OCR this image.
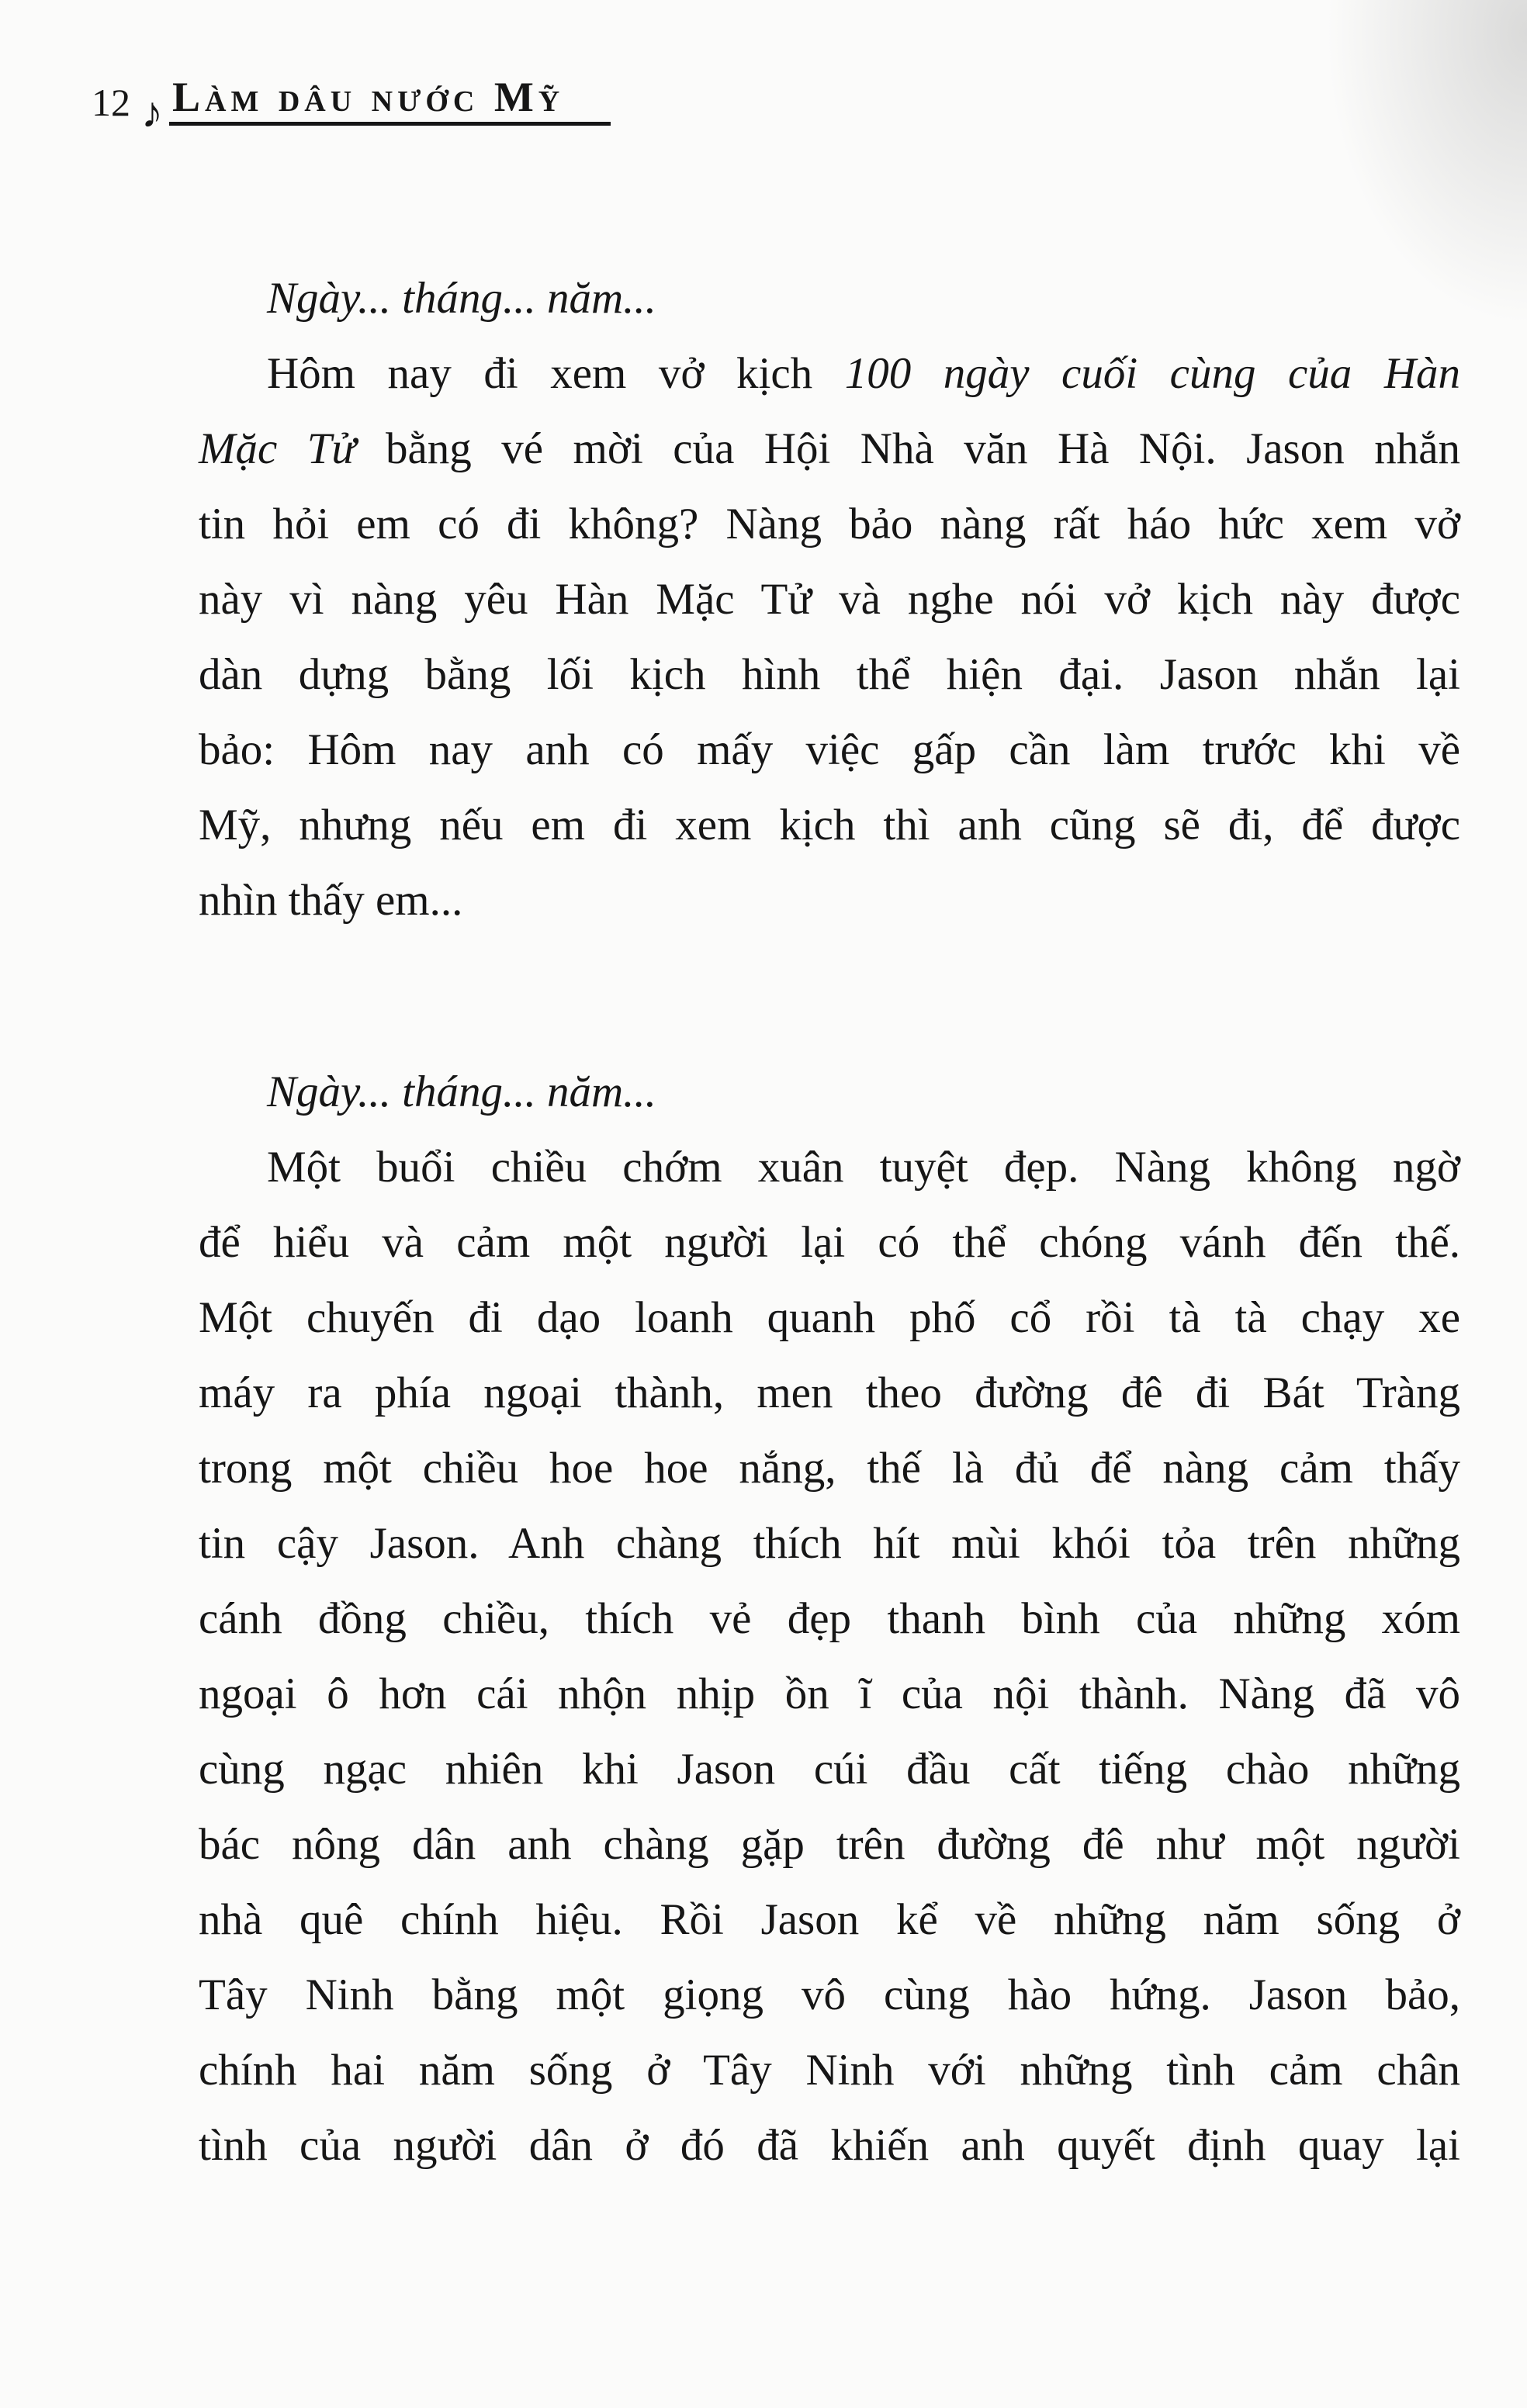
12 ♪ Làm dâu nước Mỹ
Ngày... tháng... năm...
Hôm nay đi xem vở kịch 100 ngày cuối cùng của Hàn
Mặc Tử bằng vé mời của Hội Nhà văn Hà Nội. Jason nhắn
tin hỏi em có đi không? Nàng bảo nàng rất háo hức xem vở
này vì nàng yêu Hàn Mặc Tử và nghe nói vở kịch này được
dàn dựng bằng lối kịch hình thể hiện đại. Jason nhắn lại
bảo: Hôm nay anh có mấy việc gấp cần làm trước khi về
Mỹ, nhưng nếu em đi xem kịch thì anh cũng sẽ đi, để được
nhìn thấy em...
Ngày... tháng... năm...
Một buổi chiều chớm xuân tuyệt đẹp. Nàng không ngờ
để hiểu và cảm một người lại có thể chóng vánh đến thế.
Một chuyến đi dạo loanh quanh phố cổ rồi tà tà chạy xe
máy ra phía ngoại thành, men theo đường đê đi Bát Tràng
trong một chiều hoe hoe nắng, thế là đủ để nàng cảm thấy
tin cậy Jason. Anh chàng thích hít mùi khói tỏa trên những
cánh đồng chiều, thích vẻ đẹp thanh bình của những xóm
ngoại ô hơn cái nhộn nhịp ồn ĩ của nội thành. Nàng đã vô
cùng ngạc nhiên khi Jason cúi đầu cất tiếng chào những
bác nông dân anh chàng gặp trên đường đê như một người
nhà quê chính hiệu. Rồi Jason kể về những năm sống ở
Tây Ninh bằng một giọng vô cùng hào hứng. Jason bảo,
chính hai năm sống ở Tây Ninh với những tình cảm chân
tình của người dân ở đó đã khiến anh quyết định quay lại
